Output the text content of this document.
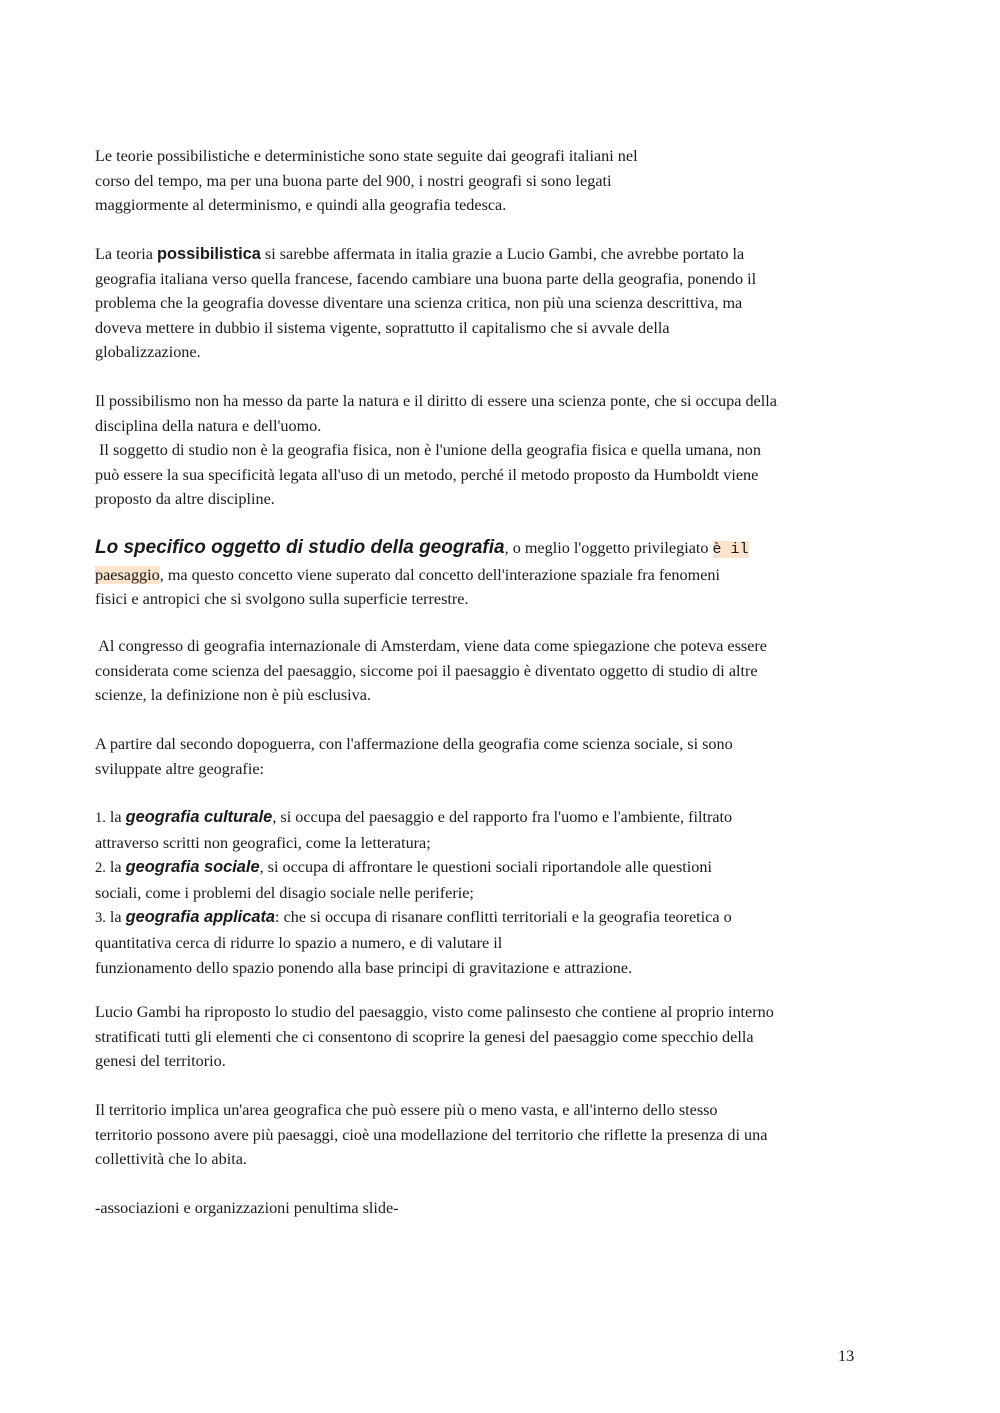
Le teorie possibilistiche e deterministiche sono state seguite dai geografi italiani nel
corso del tempo, ma per una buona parte del 900, i nostri geografi si sono legati
maggiormente al determinismo, e quindi alla geografia tedesca.

La teoria possibilistica si sarebbe affermata in italia grazie a Lucio Gambi, che avrebbe portato la
geografia italiana verso quella francese, facendo cambiare una buona parte della geografia, ponendo il
problema che la geografia dovesse diventare una scienza critica, non più una scienza descrittiva, ma
doveva mettere in dubbio il sistema vigente, soprattutto il capitalismo che si avvale della
globalizzazione.

Il possibilismo non ha messo da parte la natura e il diritto di essere una scienza ponte, che si occupa della
disciplina della natura e dell'uomo.
Il soggetto di studio non è la geografia fisica, non è l'unione della geografia fisica e quella umana, non
può essere la sua specificità legata all'uso di un metodo, perché il metodo proposto da Humboldt viene
proposto da altre discipline.

Lo specifico oggetto di studio della geografia, o meglio l'oggetto privilegiato è il
paesaggio, ma questo concetto viene superato dal concetto dell'interazione spaziale fra fenomeni
fisici e antropici che si svolgono sulla superficie terrestre.

Al congresso di geografia internazionale di Amsterdam, viene data come spiegazione che poteva essere
considerata come scienza del paesaggio, siccome poi il paesaggio è diventato oggetto di studio di altre
scienze, la definizione non è più esclusiva.

A partire dal secondo dopoguerra, con l'affermazione della geografia come scienza sociale, si sono
sviluppate altre geografie:

1. la geografia culturale, si occupa del paesaggio e del rapporto fra l'uomo e l'ambiente, filtrato
attraverso scritti non geografici, come la letteratura;
2. la geografia sociale, si occupa di affrontare le questioni sociali riportandole alle questioni
sociali, come i problemi del disagio sociale nelle periferie;
3. la geografia applicata: che si occupa di risanare conflitti territoriali e la geografia teoretica o
quantitativa cerca di ridurre lo spazio a numero, e di valutare il
funzionamento dello spazio ponendo alla base principi di gravitazione e attrazione.

Lucio Gambi ha riproposto lo studio del paesaggio, visto come palinsesto che contiene al proprio interno
stratificati tutti gli elementi che ci consentono di scoprire la genesi del paesaggio come specchio della
genesi del territorio.

Il territorio implica un'area geografica che può essere più o meno vasta, e all'interno dello stesso
territorio possono avere più paesaggi, cioè una modellazione del territorio che riflette la presenza di una
collettività che lo abita.

-associazioni e organizzazioni penultima slide-

13
